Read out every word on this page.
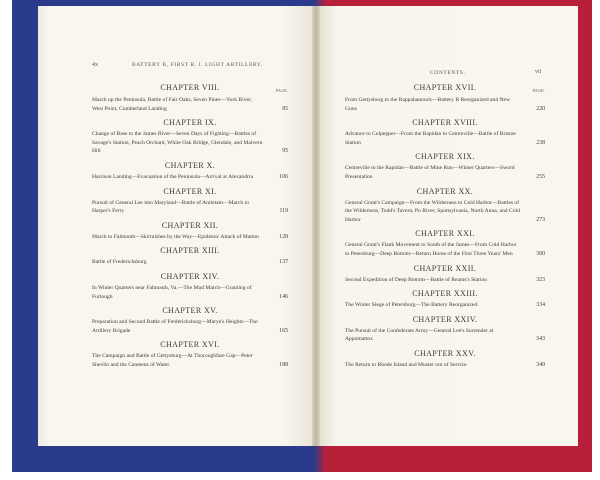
4x	BATTERY B, FIRST R. I. LIGHT ARTILLERY.
CONTENTS.	vii
CHAPTER VIII.	PAGE.
March up the Peninsula, Battle of Fair Oaks, Seven Pines—York River, West Point, Cumberland Landing	85
CHAPTER IX.
Change of Base to the James River—Seven Days of Fighting—Battles of Savage's Station, Peach Orchard, White Oak Bridge, Glendale, and Malvern Hill	95
CHAPTER X.
Harrison Landing—Evacuation of the Peninsula—Arrival at Alexandria	106
CHAPTER XI.
Pursuit of General Lee into Maryland—Battle of Antietam—March to Harper's Ferry	119
CHAPTER XII.
March to Falmouth—Skirmishes by the Way—Epidemic Attack of Matton	128
CHAPTER XIII.
Battle of Fredericksburg	137
CHAPTER XIV.
In Winter Quarters near Falmouth, Va.—The Mud March—Granting of Furlough	146
CHAPTER XV.
Preparation and Second Battle of Fredericksburg—Marye's Heights—The Artillery Brigade	165
CHAPTER XVI.
The Campaign and Battle of Gettysburg—At Thoroughfare Gap—Peter Shevlin and the Canteens of Water	188
CHAPTER XVII.	PAGE.
From Gettysburg to the Rappahannock—Battery B Reorganized and New Guns	220
CHAPTER XVIII.
Advance to Culpepper—From the Rapidan to Centreville—Battle of Bristoe Station	238
CHAPTER XIX.
Centreville to the Rapidan—Battle of Mine Run—Winter Quarters—Sword Presentation	255
CHAPTER XX.
General Grant's Campaign—From the Wilderness to Cold Harbor—Battles of the Wilderness, Todd's Tavern, Po River, Spottsylvania, North Anna, and Cold Harbor	273
CHAPTER XXI.
General Grant's Flank Movement to South of the James—From Cold Harbor to Petersburg—Deep Bottom—Return Home of the First Three Years' Men	300
CHAPTER XXII.
Second Expedition of Deep Bottom—Battle of Reams's Station	323
CHAPTER XXIII.
The Winter Siege of Petersburg—The Battery Reorganized.	334
CHAPTER XXIV.
The Pursuit of the Confederate Army—General Lee's Surrender at Appomattox	343
CHAPTER XXV.
The Return to Rhode Island and Muster out of Service	349
